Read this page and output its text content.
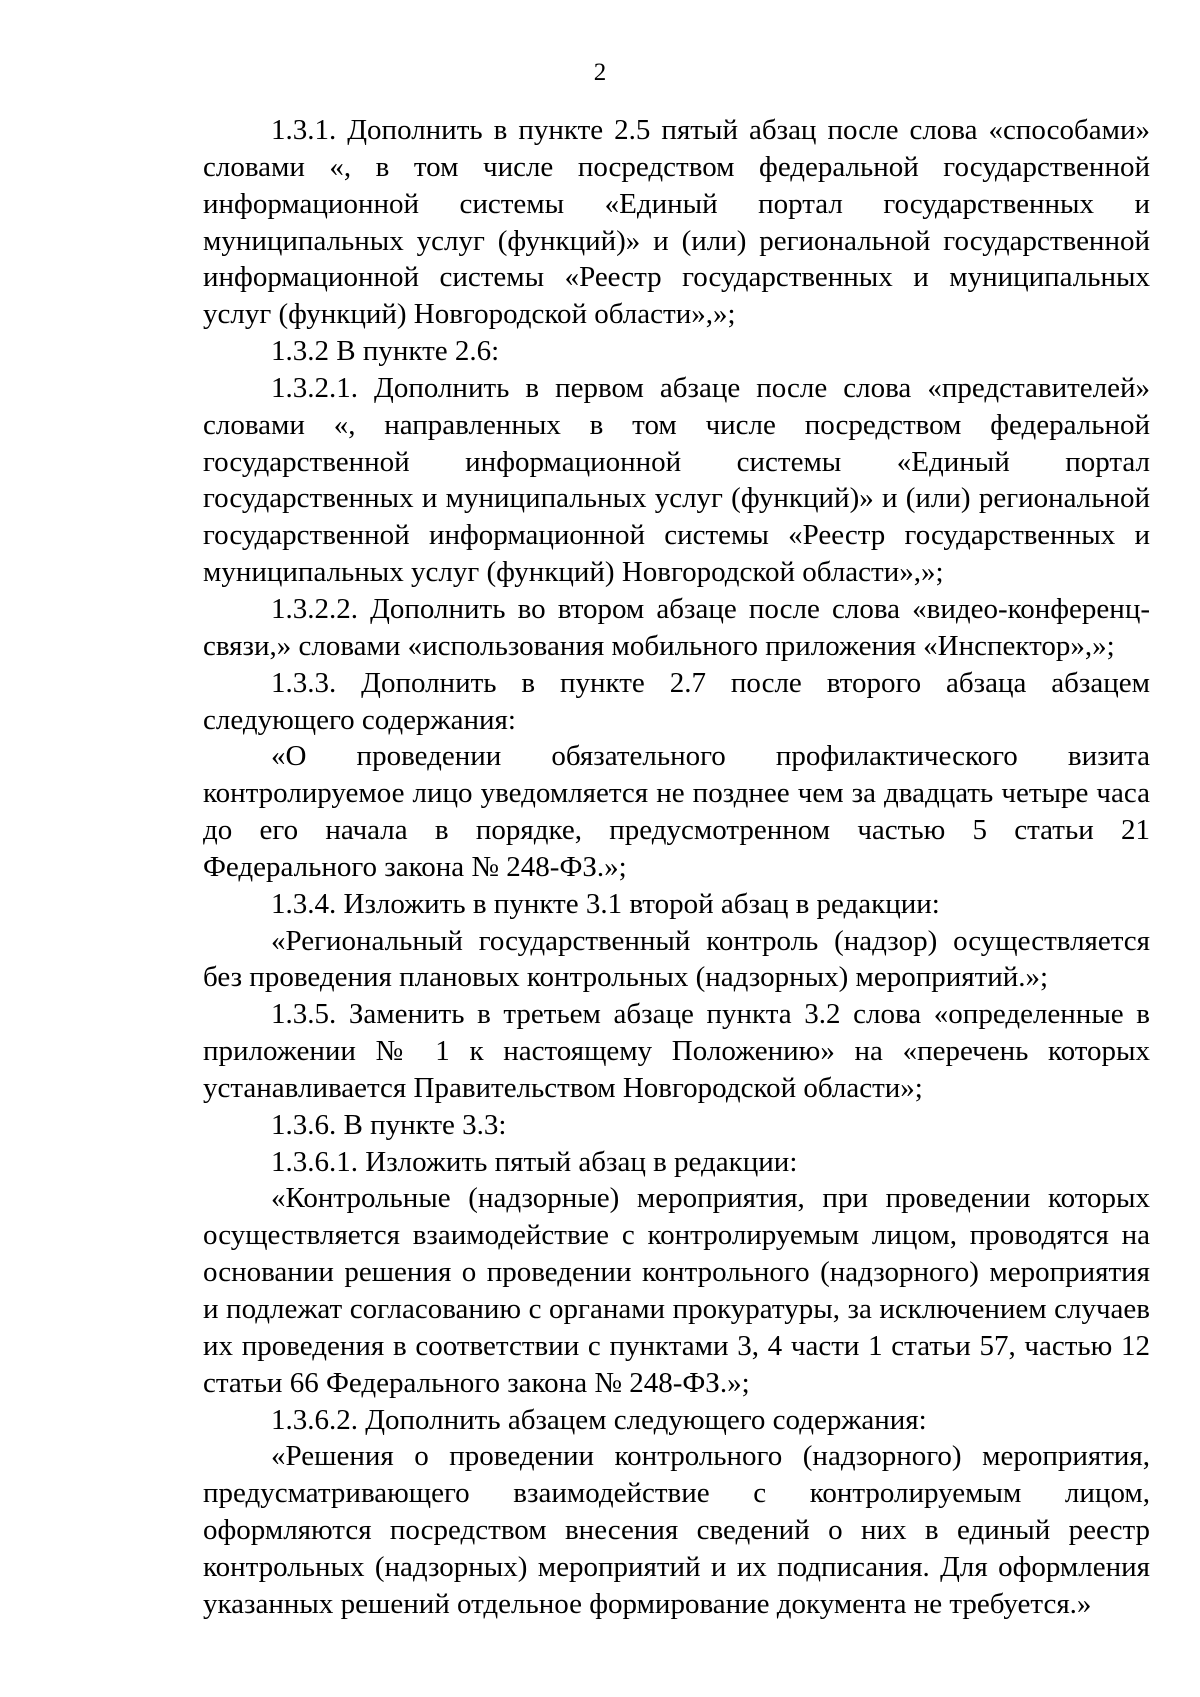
2

1.3.1. Дополнить в пункте 2.5 пятый абзац после слова «способами» словами «, в том числе посредством федеральной государственной информационной системы «Единый портал государственных и муниципальных услуг (функций)» и (или) региональной государственной информационной системы «Реестр государственных и муниципальных услуг (функций) Новгородской области»,»;

1.3.2 В пункте 2.6:

1.3.2.1. Дополнить в первом абзаце после слова «представителей» словами «, направленных в том числе посредством федеральной государственной информационной системы «Единый портал государственных и муниципальных услуг (функций)» и (или) региональной государственной информационной системы «Реестр государственных и муниципальных услуг (функций) Новгородской области»,»;

1.3.2.2. Дополнить во втором абзаце после слова «видео-конференц-связи,» словами «использования мобильного приложения «Инспектор»,»;

1.3.3. Дополнить в пункте 2.7 после второго абзаца абзацем следующего содержания:

«О проведении обязательного профилактического визита контролируемое лицо уведомляется не позднее чем за двадцать четыре часа до его начала в порядке, предусмотренном частью 5 статьи 21 Федерального закона № 248-ФЗ.»;

1.3.4. Изложить в пункте 3.1 второй абзац в редакции:

«Региональный государственный контроль (надзор) осуществляется без проведения плановых контрольных (надзорных) мероприятий.»;

1.3.5. Заменить в третьем абзаце пункта 3.2 слова «определенные в приложении № 1 к настоящему Положению» на «перечень которых устанавливается Правительством Новгородской области»;

1.3.6. В пункте 3.3:

1.3.6.1. Изложить пятый абзац в редакции:

«Контрольные (надзорные) мероприятия, при проведении которых осуществляется взаимодействие с контролируемым лицом, проводятся на основании решения о проведении контрольного (надзорного) мероприятия и подлежат согласованию с органами прокуратуры, за исключением случаев их проведения в соответствии с пунктами 3, 4 части 1 статьи 57, частью 12 статьи 66 Федерального закона № 248-ФЗ.»;

1.3.6.2. Дополнить абзацем следующего содержания:

«Решения о проведении контрольного (надзорного) мероприятия, предусматривающего взаимодействие с контролируемым лицом, оформляются посредством внесения сведений о них в единый реестр контрольных (надзорных) мероприятий и их подписания. Для оформления указанных решений отдельное формирование документа не требуется.»
